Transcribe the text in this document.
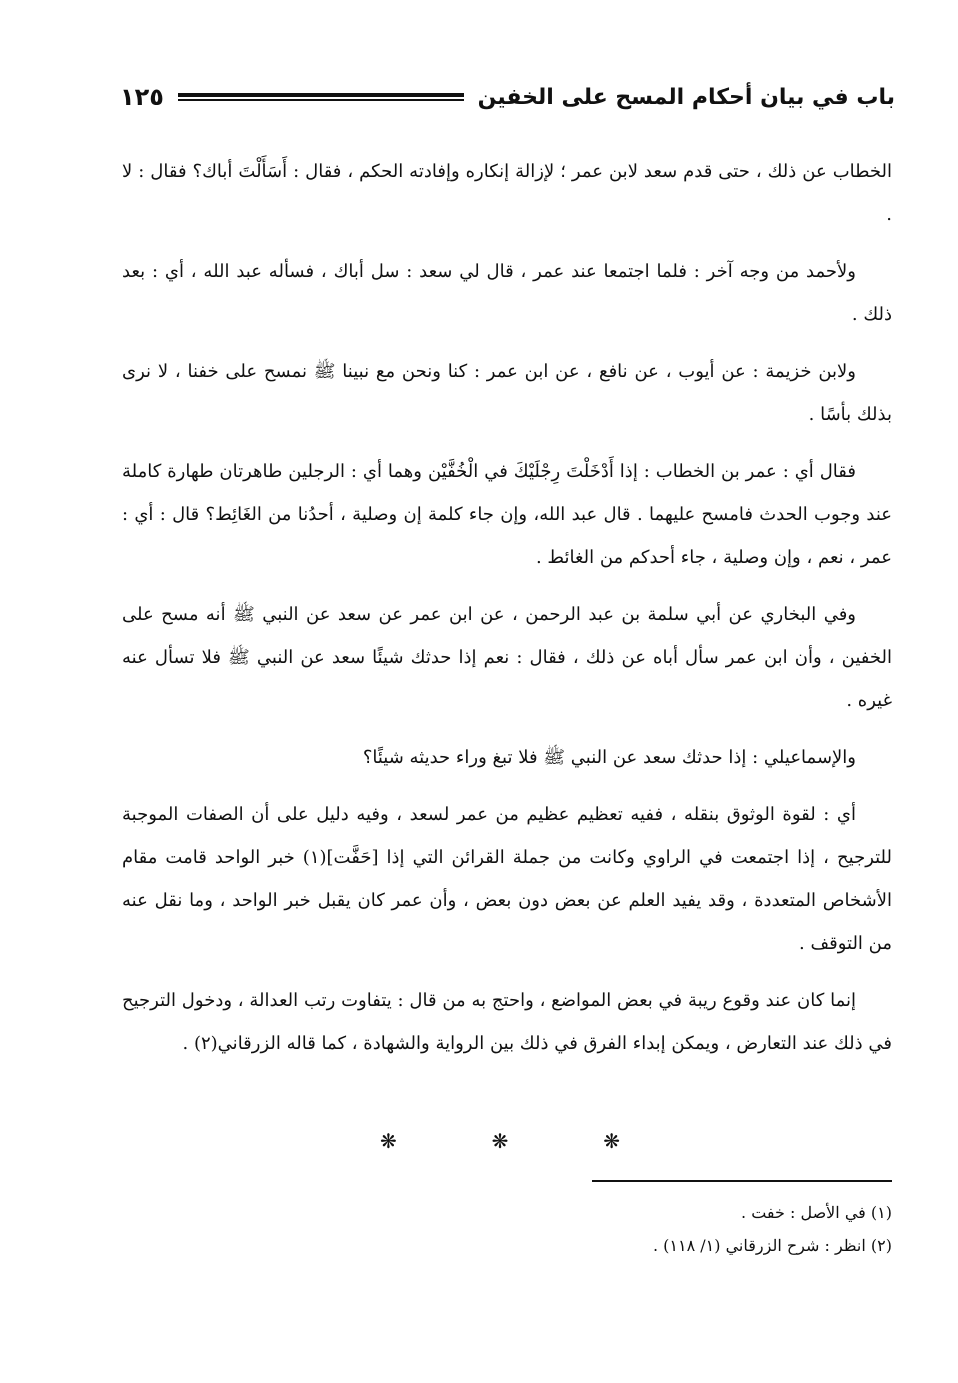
باب في بيان أحكام المسح على الخفين
١٢٥

الخطاب عن ذلك ، حتى قدم سعد لابن عمر ؛ لإزالة إنكاره وإفادته الحكم ، فقال : أَسَأَلْتَ أباك؟ فقال : لا .

ولأحمد من وجه آخر : فلما اجتمعا عند عمر ، قال لي سعد : سل أباك ، فسأله عبد الله ، أي : بعد ذلك .

ولابن خزيمة : عن أيوب ، عن نافع ، عن ابن عمر : كنا ونحن مع نبينا ﷺ نمسح على خفنا ، لا نرى بذلك بأسًا .

فقال أي : عمر بن الخطاب : إذا أَدْخَلْتَ رِجْلَيْكَ في الْخُفَّيْن وهما أي : الرجلين طاهرتان طهارة كاملة عند وجوب الحدث فامسح عليهما . قال عبد الله، وإن جاء كلمة إن وصلية ، أحدُنا من الغَائِط؟ قال : أي : عمر ، نعم ، وإن وصلية ، جاء أحدكم من الغائط .

وفي البخاري عن أبي سلمة بن عبد الرحمن ، عن ابن عمر عن سعد عن النبي ﷺ أنه مسح على الخفين ، وأن ابن عمر سأل أباه عن ذلك ، فقال : نعم إذا حدثك شيئًا سعد عن النبي ﷺ فلا تسأل عنه غيره .

والإسماعيلي : إذا حدثك سعد عن النبي ﷺ فلا تبغ وراء حديثه شيئًا؟

أي : لقوة الوثوق بنقله ، ففيه تعظيم عظيم من عمر لسعد ، وفيه دليل على أن الصفات الموجبة للترجيح ، إذا اجتمعت في الراوي وكانت من جملة القرائن التي إذا [حَفَّت](١) خبر الواحد قامت مقام الأشخاص المتعددة ، وقد يفيد العلم عن بعض دون بعض ، وأن عمر كان يقبل خبر الواحد ، وما نقل عنه من التوقف .

إنما كان عند وقوع ريبة في بعض المواضع ، واحتج به من قال : يتفاوت رتب العدالة ، ودخول الترجيح في ذلك عند التعارض ، ويمكن إبداء الفرق في ذلك بين الرواية والشهادة ، كما قاله الزرقاني(٢) .

❋	❋	❋
(١) في الأصل : خفت .
(٢) انظر : شرح الزرقاني (١/ ١١٨) .
